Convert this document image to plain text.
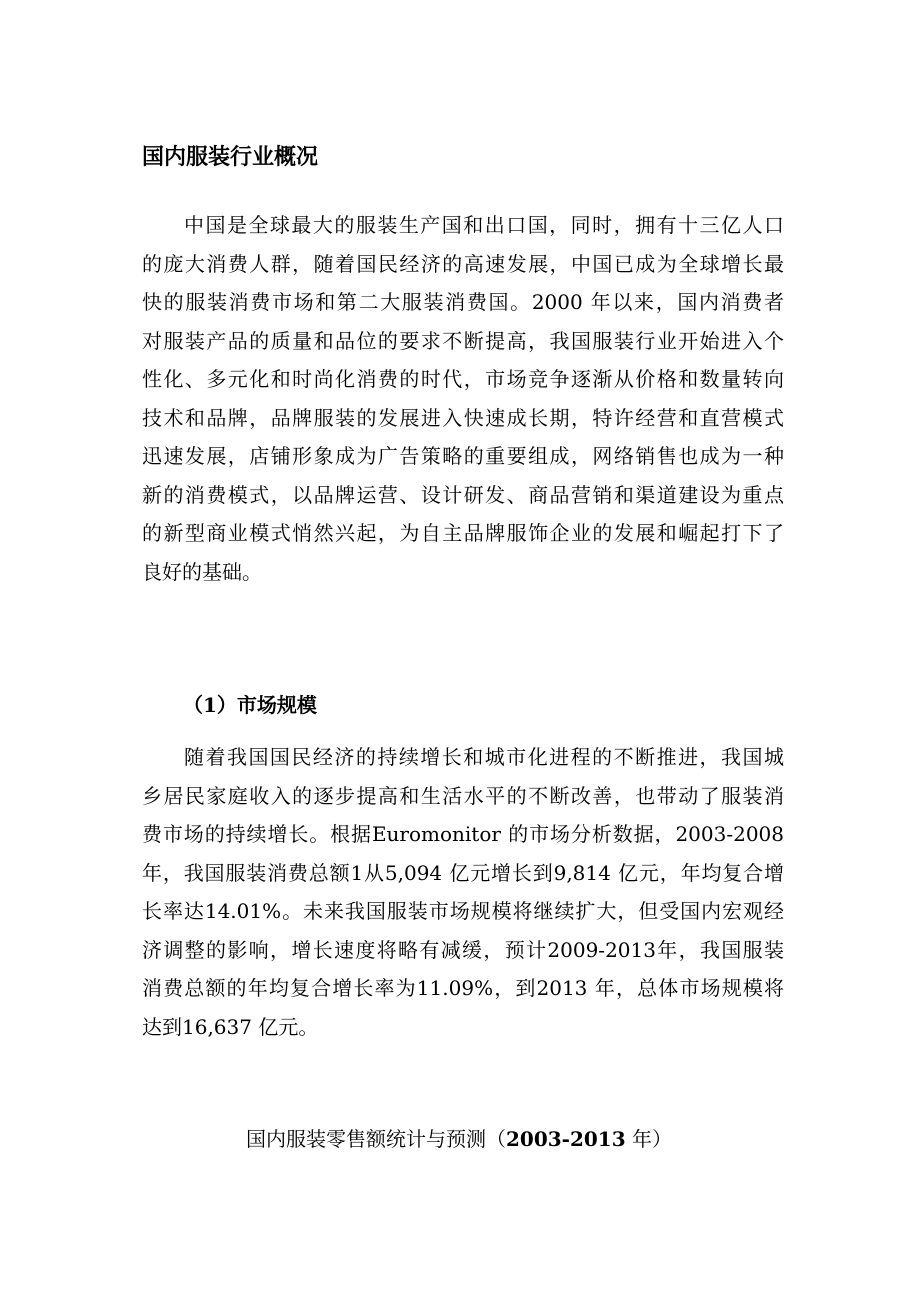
国内服装行业概况
中国是全球最大的服装生产国和出口国，同时，拥有十三亿人口
的庞大消费人群，随着国民经济的高速发展，中国已成为全球增长最
快的服装消费市场和第二大服装消费国。2000 年以来，国内消费者
对服装产品的质量和品位的要求不断提高，我国服装行业开始进入个
性化、多元化和时尚化消费的时代，市场竞争逐渐从价格和数量转向
技术和品牌，品牌服装的发展进入快速成长期，特许经营和直营模式
迅速发展，店铺形象成为广告策略的重要组成，网络销售也成为一种
新的消费模式，以品牌运营、设计研发、商品营销和渠道建设为重点
的新型商业模式悄然兴起，为自主品牌服饰企业的发展和崛起打下了
良好的基础。
（1）市场规模
随着我国国民经济的持续增长和城市化进程的不断推进，我国城
乡居民家庭收入的逐步提高和生活水平的不断改善，也带动了服装消
费市场的持续增长。根据Euromonitor 的市场分析数据，2003-2008
年，我国服装消费总额1从5,094 亿元增长到9,814 亿元，年均复合增
长率达14.01%。未来我国服装市场规模将继续扩大，但受国内宏观经
济调整的影响，增长速度将略有减缓，预计2009-2013年，我国服装
消费总额的年均复合增长率为11.09%，到2013 年，总体市场规模将
达到16,637 亿元。

国内服装零售额统计与预测（2003-2013 年）
